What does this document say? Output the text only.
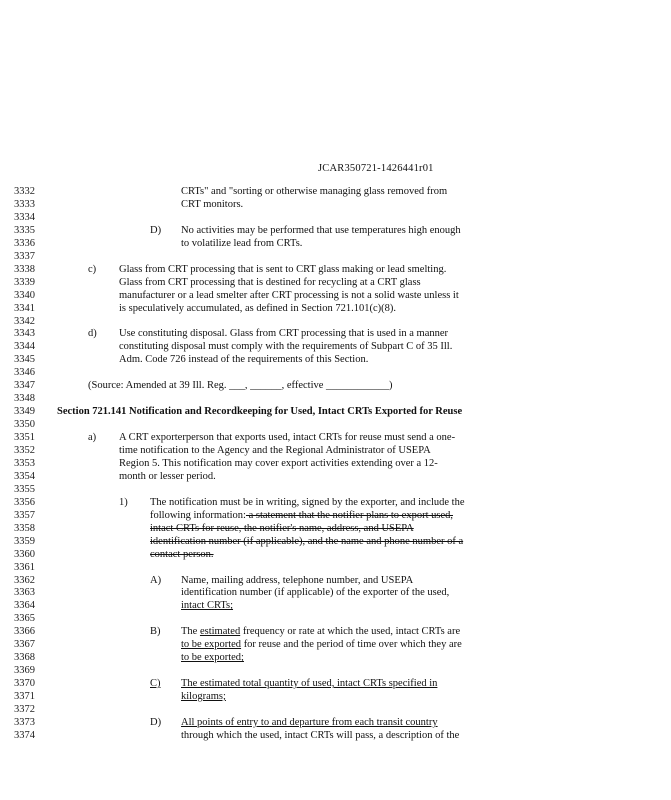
JCAR350721-1426441r01
3332	CRTs" and "sorting or otherwise managing glass removed from
3333	CRT monitors.
3334
3335	D) No activities may be performed that use temperatures high enough
3336	to volatilize lead from CRTs.
3337
3338	c) Glass from CRT processing that is sent to CRT glass making or lead smelting.
3339	Glass from CRT processing that is destined for recycling at a CRT glass
3340	manufacturer or a lead smelter after CRT processing is not a solid waste unless it
3341	is speculatively accumulated, as defined in Section 721.101(c)(8).
3342
3343	d) Use constituting disposal. Glass from CRT processing that is used in a manner
3344	constituting disposal must comply with the requirements of Subpart C of 35 Ill.
3345	Adm. Code 726 instead of the requirements of this Section.
3346
3347	(Source: Amended at 39 Ill. Reg. ___, ______, effective ____________)
3348
3349	Section 721.141 Notification and Recordkeeping for Used, Intact CRTs Exported for Reuse
3350
3351	a) A CRT exporterperson that exports used, intact CRTs for reuse must send a one-
3352	time notification to the Agency and the Regional Administrator of USEPA
3353	Region 5. This notification may cover export activities extending over a 12-
3354	month or lesser period.
3355
3356	1) The notification must be in writing, signed by the exporter, and include the
3357	following information: a statement that the notifier plans to export used,
3358	intact CRTs for reuse, the notifier's name, address, and USEPA
3359	identification number (if applicable), and the name and phone number of a
3360	contact person.
3361
3362	A) Name, mailing address, telephone number, and USEPA
3363	identification number (if applicable) of the exporter of the used,
3364	intact CRTs;
3365
3366	B) The estimated frequency or rate at which the used, intact CRTs are
3367	to be exported for reuse and the period of time over which they are
3368	to be exported;
3369
3370	C) The estimated total quantity of used, intact CRTs specified in
3371	kilograms;
3372
3373	D) All points of entry to and departure from each transit country
3374	through which the used, intact CRTs will pass, a description of the
